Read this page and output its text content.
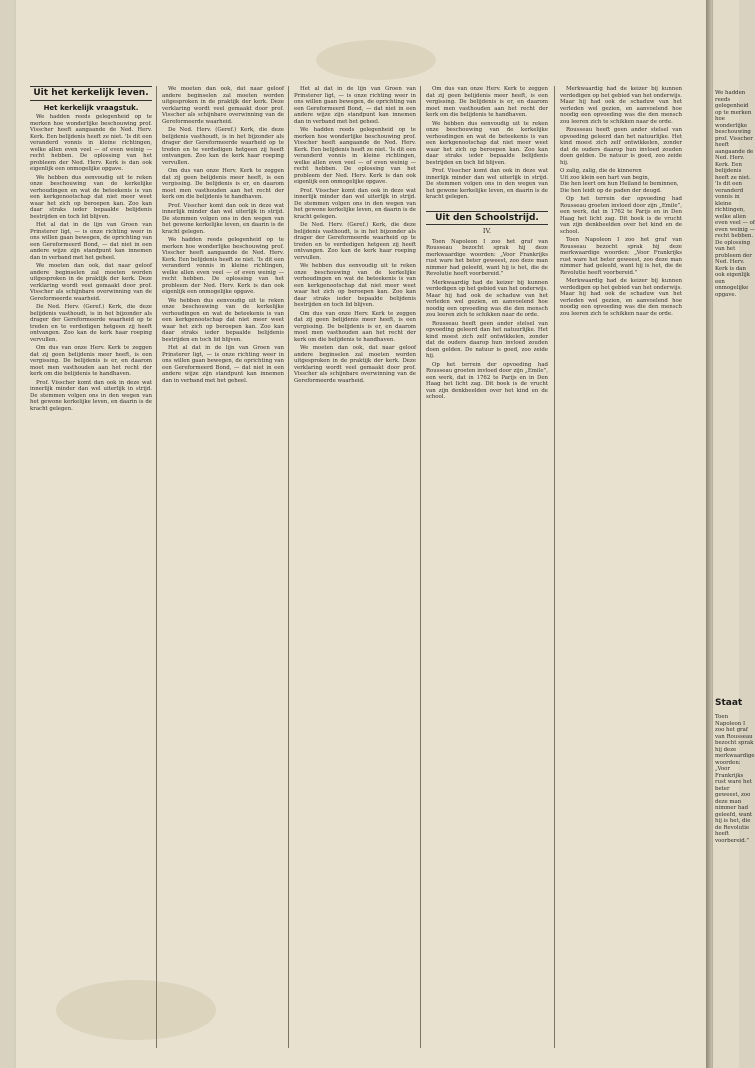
Uit het kerkelijk leven.
Het kerkelijk vraagstuk.

We hadden reeds gelegenheid op te merken hoe wonderlijke beschouwing prof. Visscher heeft aangaande de Ned. Herv. Kerk. Een belijdenis heeft ze niet. 'Is dit een veranderd vonnis in kleine richtingen, welke allen even veel — of even weinig — recht hebben. De oplossing van het probleem der Ned. Herv. Kerk is dan ook eigenlijk een onmogelijke opgave.

We hebben dus eenvoudig uit te reken onze beschouwing van de kerkelijke verhoudingen en wat de beteekenis is van een kerkgenootschap dat niet meer weet waar het zich op beroepen kan. Zoo kan daar straks ieder bepaalde belijdenis bestrijden en toch lid blijven.

Het al dat in de lijn van Groen van Prinsterer ligt, — is onze richting weer in ons willen gaan bewegen, de oprichting van een Gereformeerd Bond, — dat niet in een andere wijze zijn standpunt kan innemen dan in verband met het geheel.

We moeten dan ook, dat naar geloof andere beginselen zal moeten worden uitgesproken in de praktijk der kerk. Deze verklaring wordt veel gemaakt door prof. Visscher als schijnbare overwinning van de Gereformeerde waarheid.

De Ned. Herv. (Geref.) Kerk, die deze belijdenis vasthoudt, is in het bijzonder als drager der Gereformeerde waarheid op te treden en te verdedigen hetgeen zij heeft ontvangen. Zoo kan de kerk haar roeping vervullen.

Om dus van onze Herv. Kerk te zeggen dat zij geen belijdenis meer heeft, is een vergissing. De belijdenis is er, en daarom moet men vasthouden aan het recht der kerk om die belijdenis te handhaven.

Prof. Visscher komt dan ook in deze wat innerlijk minder dan wel uiterlijk in strijd. De stemmen volgen ons in den wegen van het gewone kerkelijke leven, en daarin is de kracht gelegen.

We moeten dan ook, dat naar geloof andere beginselen zal moeten worden uitgesproken in de praktijk der kerk. Deze verklaring wordt veel gemaakt door prof. Visscher als schijnbare overwinning van de Gereformeerde waarheid.

De Ned. Herv. (Geref.) Kerk, die deze belijdenis vasthoudt, is in het bijzonder als drager der Gereformeerde waarheid op te treden en te verdedigen hetgeen zij heeft ontvangen. Zoo kan de kerk haar roeping vervullen.

Om dus van onze Herv. Kerk te zeggen dat zij geen belijdenis meer heeft, is een vergissing. De belijdenis is er, en daarom moet men vasthouden aan het recht der kerk om die belijdenis te handhaven.

Prof. Visscher komt dan ook in deze wat innerlijk minder dan wel uiterlijk in strijd. De stemmen volgen ons in den wegen van het gewone kerkelijke leven, en daarin is de kracht gelegen.

We hadden reeds gelegenheid op te merken hoe wonderlijke beschouwing prof. Visscher heeft aangaande de Ned. Herv. Kerk. Een belijdenis heeft ze niet. 'Is dit een veranderd vonnis in kleine richtingen, welke allen even veel — of even weinig — recht hebben. De oplossing van het probleem der Ned. Herv. Kerk is dan ook eigenlijk een onmogelijke opgave.

We hebben dus eenvoudig uit te reken onze beschouwing van de kerkelijke verhoudingen en wat de beteekenis is van een kerkgenootschap dat niet meer weet waar het zich op beroepen kan. Zoo kan daar straks ieder bepaalde belijdenis bestrijden en toch lid blijven.

Het al dat in de lijn van Groen van Prinsterer ligt, — is onze richting weer in ons willen gaan bewegen, de oprichting van een Gereformeerd Bond, — dat niet in een andere wijze zijn standpunt kan innemen dan in verband met het geheel.

Het al dat in de lijn van Groen van Prinsterer ligt, — is onze richting weer in ons willen gaan bewegen, de oprichting van een Gereformeerd Bond, — dat niet in een andere wijze zijn standpunt kan innemen dan in verband met het geheel.

We hadden reeds gelegenheid op te merken hoe wonderlijke beschouwing prof. Visscher heeft aangaande de Ned. Herv. Kerk. Een belijdenis heeft ze niet. 'Is dit een veranderd vonnis in kleine richtingen, welke allen even veel — of even weinig — recht hebben. De oplossing van het probleem der Ned. Herv. Kerk is dan ook eigenlijk een onmogelijke opgave.

Prof. Visscher komt dan ook in deze wat innerlijk minder dan wel uiterlijk in strijd. De stemmen volgen ons in den wegen van het gewone kerkelijke leven, en daarin is de kracht gelegen.

De Ned. Herv. (Geref.) Kerk, die deze belijdenis vasthoudt, is in het bijzonder als drager der Gereformeerde waarheid op te treden en te verdedigen hetgeen zij heeft ontvangen. Zoo kan de kerk haar roeping vervullen.

We hebben dus eenvoudig uit te reken onze beschouwing van de kerkelijke verhoudingen en wat de beteekenis is van een kerkgenootschap dat niet meer weet waar het zich op beroepen kan. Zoo kan daar straks ieder bepaalde belijdenis bestrijden en toch lid blijven.

Om dus van onze Herv. Kerk te zeggen dat zij geen belijdenis meer heeft, is een vergissing. De belijdenis is er, en daarom moet men vasthouden aan het recht der kerk om die belijdenis te handhaven.

We moeten dan ook, dat naar geloof andere beginselen zal moeten worden uitgesproken in de praktijk der kerk. Deze verklaring wordt veel gemaakt door prof. Visscher als schijnbare overwinning van de Gereformeerde waarheid.

Om dus van onze Herv. Kerk te zeggen dat zij geen belijdenis meer heeft, is een vergissing. De belijdenis is er, en daarom moet men vasthouden aan het recht der kerk om die belijdenis te handhaven.

We hebben dus eenvoudig uit te reken onze beschouwing van de kerkelijke verhoudingen en wat de beteekenis is van een kerkgenootschap dat niet meer weet waar het zich op beroepen kan. Zoo kan daar straks ieder bepaalde belijdenis bestrijden en toch lid blijven.

Prof. Visscher komt dan ook in deze wat innerlijk minder dan wel uiterlijk in strijd. De stemmen volgen ons in den wegen van het gewone kerkelijke leven, en daarin is de kracht gelegen.

Uit den Schoolstrijd.
IV.

Toen Napoleon I zoo het graf van Rousseau bezocht sprak hij deze merkwaardige woorden: „Voor Frankrijks rust ware het beter geweest, zoo deze man nimmer had geleefd, want hij is het, die de Revolutie heeft voorbereid.”

Merkwaardig had de keizer bij kunnen verdedigen op het gebied van het onderwijs. Maar hij had ook de schaduw van het verleden wel gezien, en aanvoelend hoe noodig een opvoeding was die den mensch zou leeren zich te schikken naar de orde.

Rousseau heeft geen ander stelsel van opvoeding geleerd dan het natuurlijke. Het kind moest zich zelf ontwikkelen, zonder dat de ouders daarop hun invloed zouden doen gelden. De natuur is goed, zoo zeide hij.

Op het terrein der opvoeding had Rousseau groeten invloed door zijn „Emile”, een werk, dat in 1762 te Parijs en in Den Haag het licht zag. Dit boek is de vrucht van zijn denkbeelden over het kind en de school.

Merkwaardig had de keizer bij kunnen verdedigen op het gebied van het onderwijs. Maar hij had ook de schaduw van het verleden wel gezien, en aanvoelend hoe noodig een opvoeding was die den mensch zou leeren zich te schikken naar de orde.

Rousseau heeft geen ander stelsel van opvoeding geleerd dan het natuurlijke. Het kind moest zich zelf ontwikkelen, zonder dat de ouders daarop hun invloed zouden doen gelden. De natuur is goed, zoo zeide hij.

O zalig, zalig, die de kinneren
Uit zoo klein een hart van begin,
Die hen leert om hun Heiland te beminnen,
Die hen leidt op de paden der deugd.

Op het terrein der opvoeding had Rousseau groeten invloed door zijn „Emile”, een werk, dat in 1762 te Parijs en in Den Haag het licht zag. Dit boek is de vrucht van zijn denkbeelden over het kind en de school.

Toen Napoleon I zoo het graf van Rousseau bezocht sprak hij deze merkwaardige woorden: „Voor Frankrijks rust ware het beter geweest, zoo deze man nimmer had geleefd, want hij is het, die de Revolutie heeft voorbereid.”

Merkwaardig had de keizer bij kunnen verdedigen op het gebied van het onderwijs. Maar hij had ook de schaduw van het verleden wel gezien, en aanvoelend hoe noodig een opvoeding was die den mensch zou leeren zich te schikken naar de orde.

We hadden reeds gelegenheid op te merken hoe wonderlijke beschouwing prof. Visscher heeft aangaande de Ned. Herv. Kerk. Een belijdenis heeft ze niet. 'Is dit een veranderd vonnis in kleine richtingen, welke allen even veel — of even weinig — recht hebben. De oplossing van het probleem der Ned. Herv. Kerk is dan ook eigenlijk een onmogelijke opgave.
Staat
Toen Napoleon I zoo het graf van Rousseau bezocht sprak hij deze merkwaardige woorden: „Voor Frankrijks rust ware het beter geweest, zoo deze man nimmer had geleefd, want hij is het, die de Revolutie heeft voorbereid.”
